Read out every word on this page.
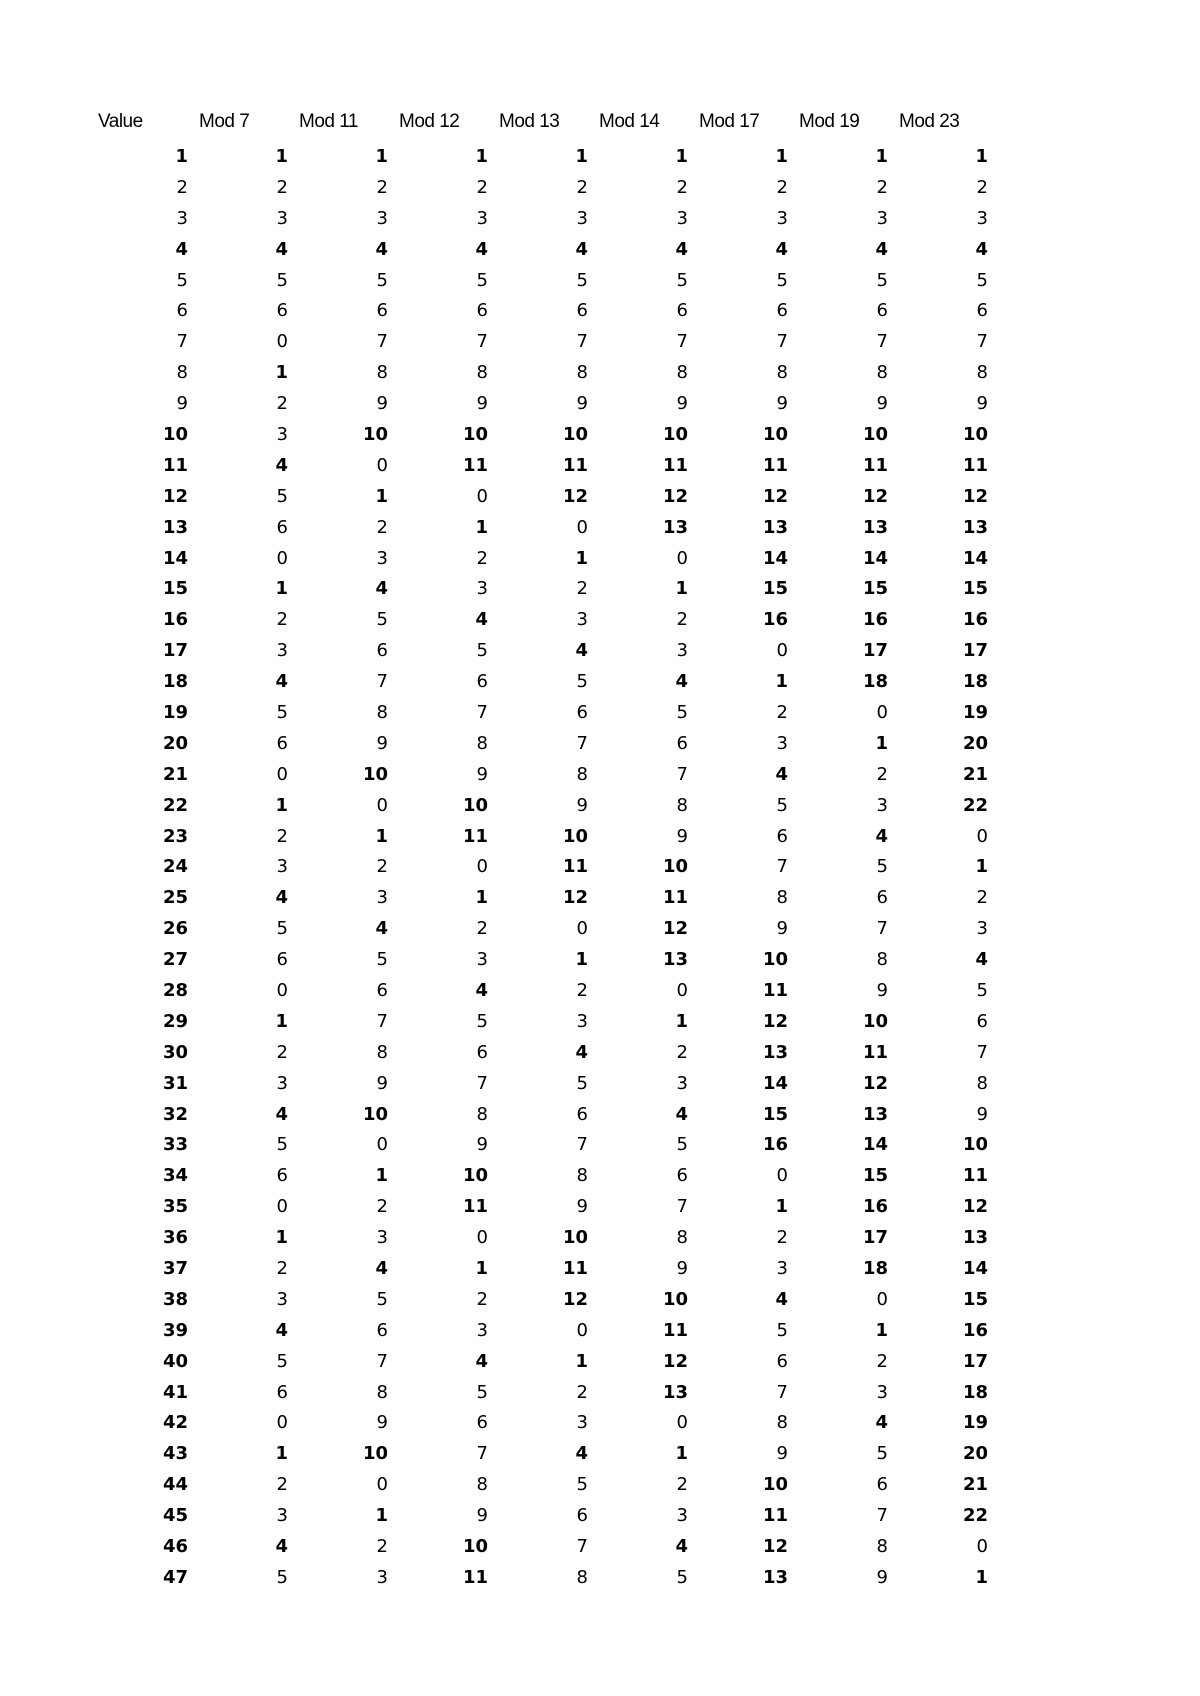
Value	Mod 7	Mod 11	Mod 12	Mod 13	Mod 14	Mod 17	Mod 19	Mod 23
1	1	1	1	1	1	1	1	1
2	2	2	2	2	2	2	2	2
3	3	3	3	3	3	3	3	3
4	4	4	4	4	4	4	4	4
5	5	5	5	5	5	5	5	5
6	6	6	6	6	6	6	6	6
7	0	7	7	7	7	7	7	7
8	1	8	8	8	8	8	8	8
9	2	9	9	9	9	9	9	9
10	3	10	10	10	10	10	10	10
11	4	0	11	11	11	11	11	11
12	5	1	0	12	12	12	12	12
13	6	2	1	0	13	13	13	13
14	0	3	2	1	0	14	14	14
15	1	4	3	2	1	15	15	15
16	2	5	4	3	2	16	16	16
17	3	6	5	4	3	0	17	17
18	4	7	6	5	4	1	18	18
19	5	8	7	6	5	2	0	19
20	6	9	8	7	6	3	1	20
21	0	10	9	8	7	4	2	21
22	1	0	10	9	8	5	3	22
23	2	1	11	10	9	6	4	0
24	3	2	0	11	10	7	5	1
25	4	3	1	12	11	8	6	2
26	5	4	2	0	12	9	7	3
27	6	5	3	1	13	10	8	4
28	0	6	4	2	0	11	9	5
29	1	7	5	3	1	12	10	6
30	2	8	6	4	2	13	11	7
31	3	9	7	5	3	14	12	8
32	4	10	8	6	4	15	13	9
33	5	0	9	7	5	16	14	10
34	6	1	10	8	6	0	15	11
35	0	2	11	9	7	1	16	12
36	1	3	0	10	8	2	17	13
37	2	4	1	11	9	3	18	14
38	3	5	2	12	10	4	0	15
39	4	6	3	0	11	5	1	16
40	5	7	4	1	12	6	2	17
41	6	8	5	2	13	7	3	18
42	0	9	6	3	0	8	4	19
43	1	10	7	4	1	9	5	20
44	2	0	8	5	2	10	6	21
45	3	1	9	6	3	11	7	22
46	4	2	10	7	4	12	8	0
47	5	3	11	8	5	13	9	1
